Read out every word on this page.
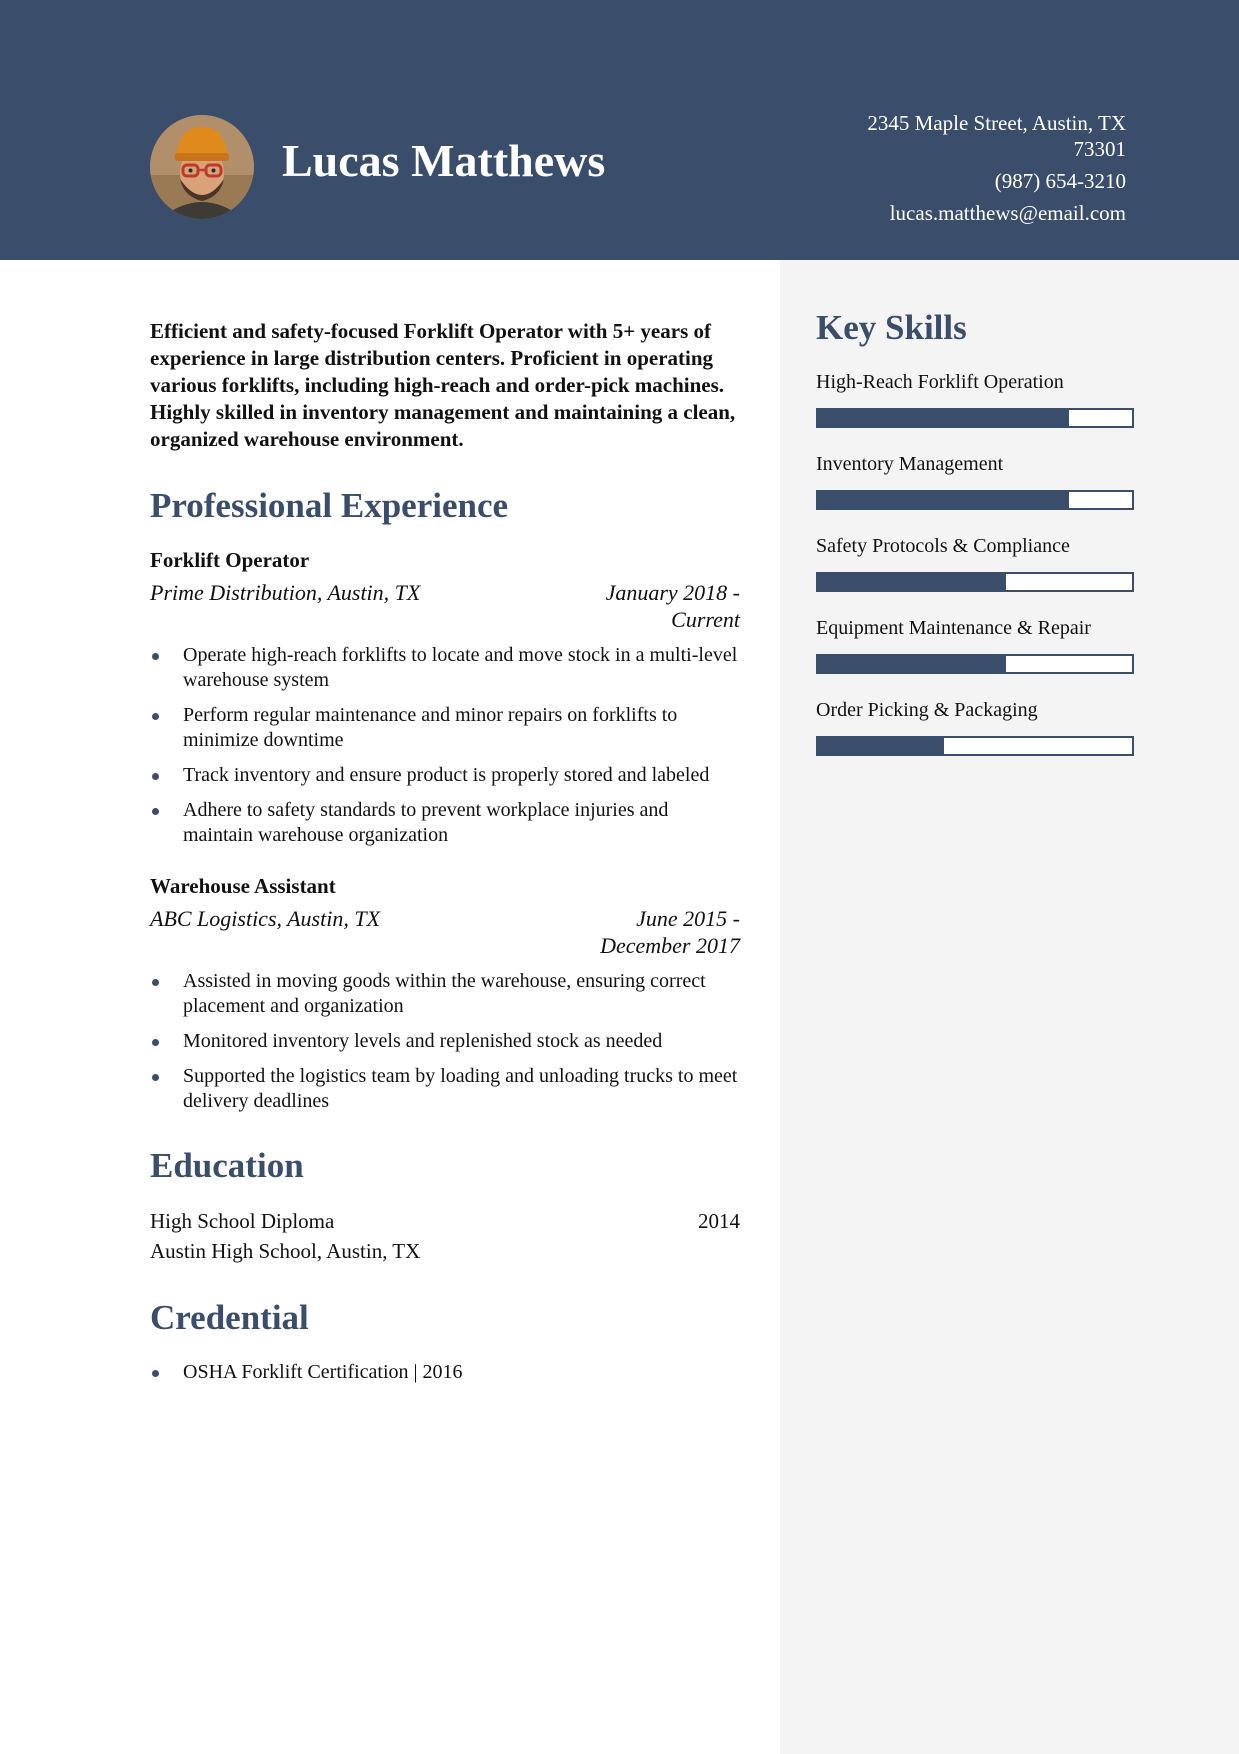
Lucas Matthews
2345 Maple Street, Austin, TX
73301
(987) 654-3210
lucas.matthews@email.com

Efficient and safety-focused Forklift Operator with 5+ years of experience in large distribution centers. Proficient in operating various forklifts, including high-reach and order-pick machines. Highly skilled in inventory management and maintaining a clean, organized warehouse environment.

Professional Experience
Forklift Operator
Prime Distribution, Austin, TX	January 2018 - Current
Operate high-reach forklifts to locate and move stock in a multi-level warehouse system
Perform regular maintenance and minor repairs on forklifts to minimize downtime
Track inventory and ensure product is properly stored and labeled
Adhere to safety standards to prevent workplace injuries and maintain warehouse organization
Warehouse Assistant
ABC Logistics, Austin, TX	June 2015 - December 2017
Assisted in moving goods within the warehouse, ensuring correct placement and organization
Monitored inventory levels and replenished stock as needed
Supported the logistics team by loading and unloading trucks to meet delivery deadlines
Education
High School Diploma	2014
Austin High School, Austin, TX
Credential
OSHA Forklift Certification | 2016
Key Skills
High-Reach Forklift Operation
Inventory Management
Safety Protocols & Compliance
Equipment Maintenance & Repair
Order Picking & Packaging
